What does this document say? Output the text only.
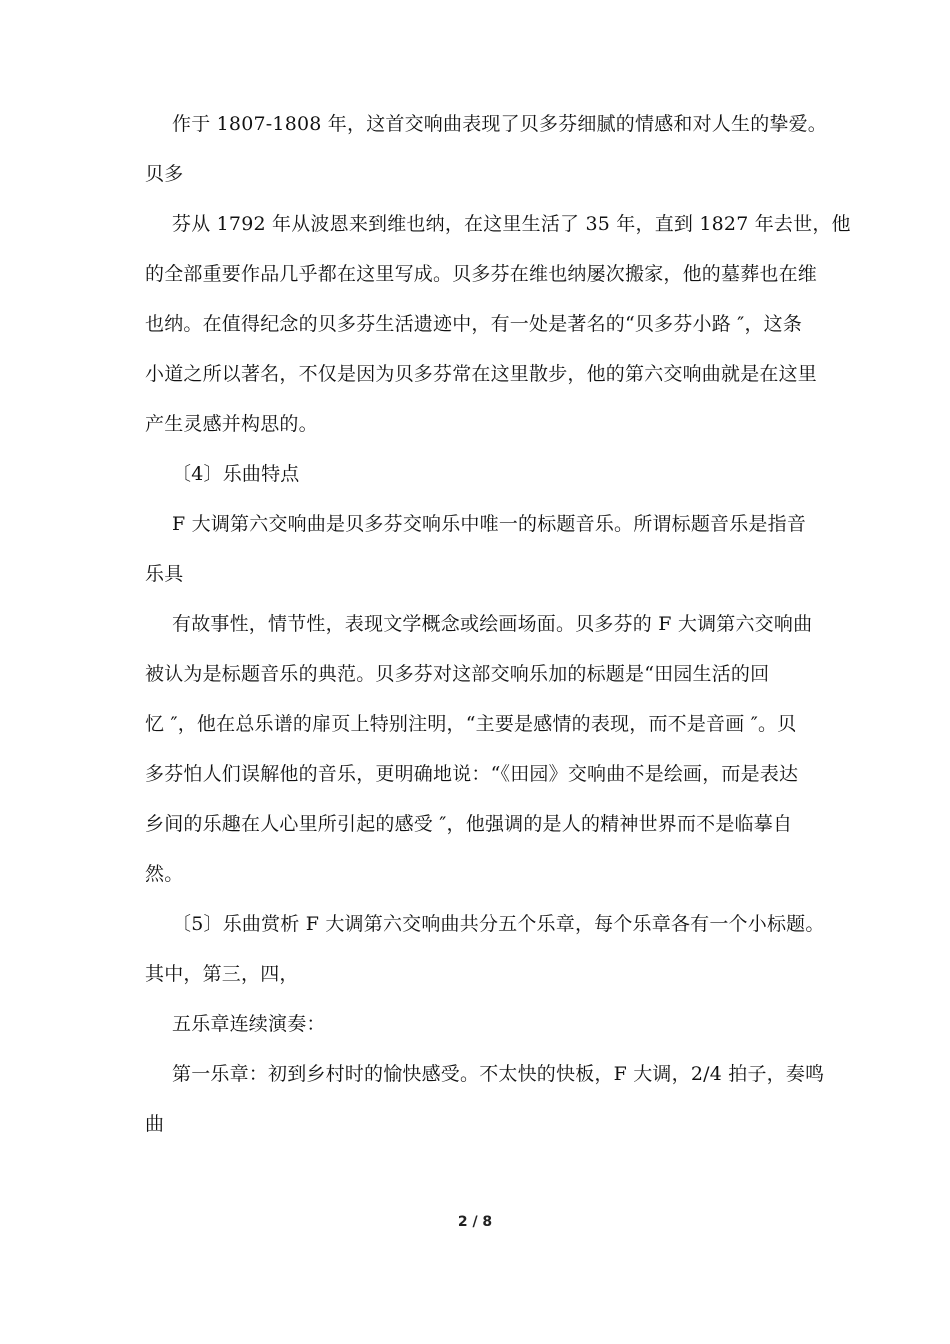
作于 1807-1808 年，这首交响曲表现了贝多芬细腻的情感和对人生的挚爱。
贝多
芬从 1792 年从波恩来到维也纳，在这里生活了 35 年，直到 1827 年去世，他
的全部重要作品几乎都在这里写成。贝多芬在维也纳屡次搬家，他的墓葬也在维
也纳。在值得纪念的贝多芬生活遗迹中，有一处是著名的“贝多芬小路 ″，这条
小道之所以著名，不仅是因为贝多芬常在这里散步，他的第六交响曲就是在这里
产生灵感并构思的。
〔4〕乐曲特点
F 大调第六交响曲是贝多芬交响乐中唯一的标题音乐。所谓标题音乐是指音
乐具
有故事性，情节性，表现文学概念或绘画场面。贝多芬的 F 大调第六交响曲
被认为是标题音乐的典范。贝多芬对这部交响乐加的标题是“田园生活的回
忆 ″，他在总乐谱的扉页上特别注明，“主要是感情的表现，而不是音画 ″。贝
多芬怕人们误解他的音乐，更明确地说：“《田园》交响曲不是绘画，而是表达
乡间的乐趣在人心里所引起的感受 ″，他强调的是人的精神世界而不是临摹自
然。
〔5〕乐曲赏析 F 大调第六交响曲共分五个乐章，每个乐章各有一个小标题。
其中，第三，四，
五乐章连续演奏：
第一乐章：初到乡村时的愉快感受。不太快的快板，F 大调，2/4 拍子，奏鸣
曲
2 / 8
